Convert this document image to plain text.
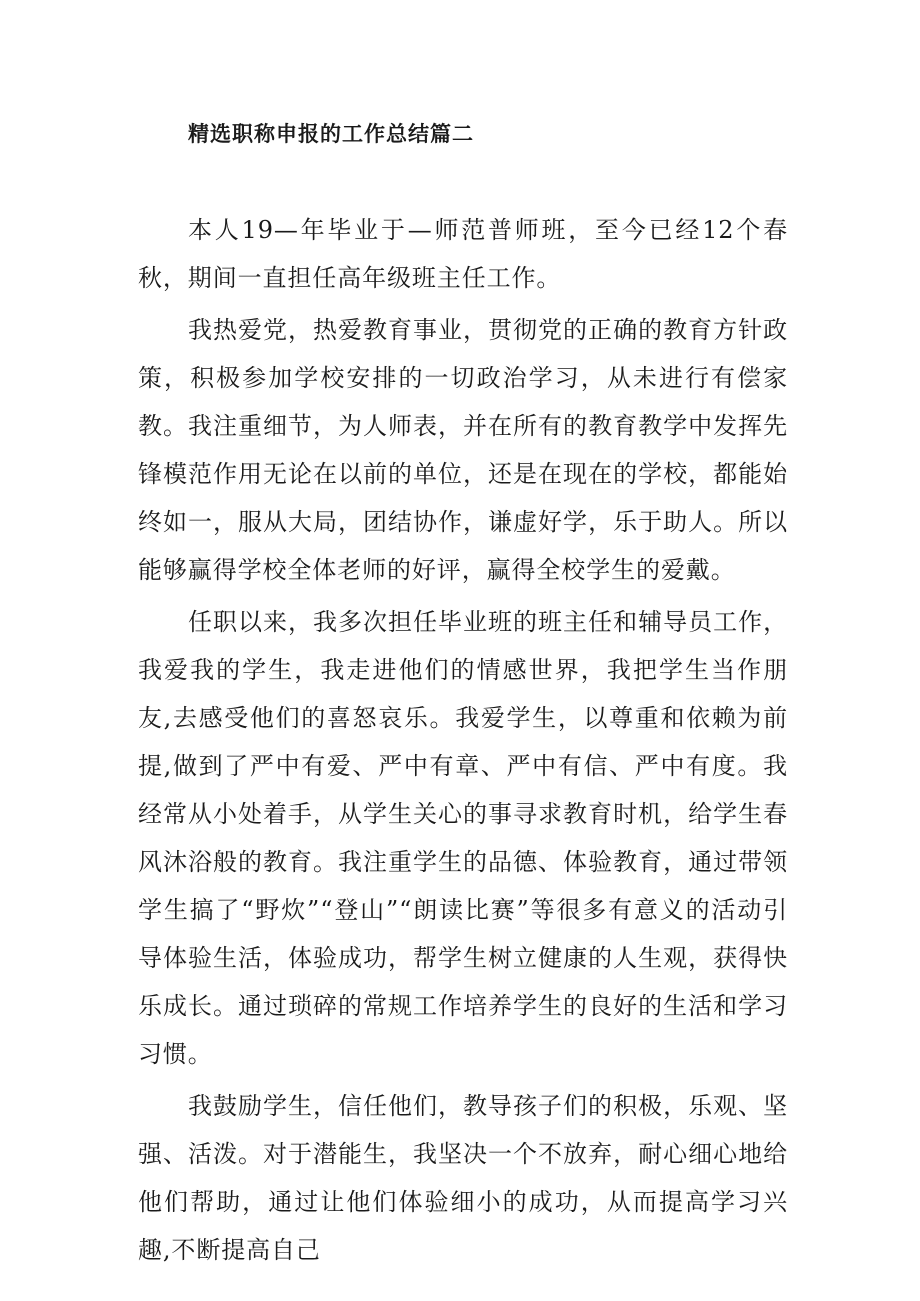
精选职称申报的工作总结篇二

本人19—年毕业于—师范普师班，至今已经12个春秋，期间一直担任高年级班主任工作。

我热爱党，热爱教育事业，贯彻党的正确的教育方针政策，积极参加学校安排的一切政治学习，从未进行有偿家教。我注重细节，为人师表，并在所有的教育教学中发挥先锋模范作用无论在以前的单位，还是在现在的学校，都能始终如一，服从大局，团结协作，谦虚好学，乐于助人。所以能够赢得学校全体老师的好评，赢得全校学生的爱戴。

任职以来，我多次担任毕业班的班主任和辅导员工作，我爱我的学生，我走进他们的情感世界，我把学生当作朋友,去感受他们的喜怒哀乐。我爱学生，以尊重和依赖为前提,做到了严中有爱、严中有章、严中有信、严中有度。我经常从小处着手，从学生关心的事寻求教育时机，给学生春风沐浴般的教育。我注重学生的品德、体验教育，通过带领学生搞了“野炊”“登山”“朗读比赛”等很多有意义的活动引导体验生活，体验成功，帮学生树立健康的人生观，获得快乐成长。通过琐碎的常规工作培养学生的良好的生活和学习习惯。

我鼓励学生，信任他们，教导孩子们的积极，乐观、坚强、活泼。对于潜能生，我坚决一个不放弃，耐心细心地给他们帮助，通过让他们体验细小的成功，从而提高学习兴趣,不断提高自己
